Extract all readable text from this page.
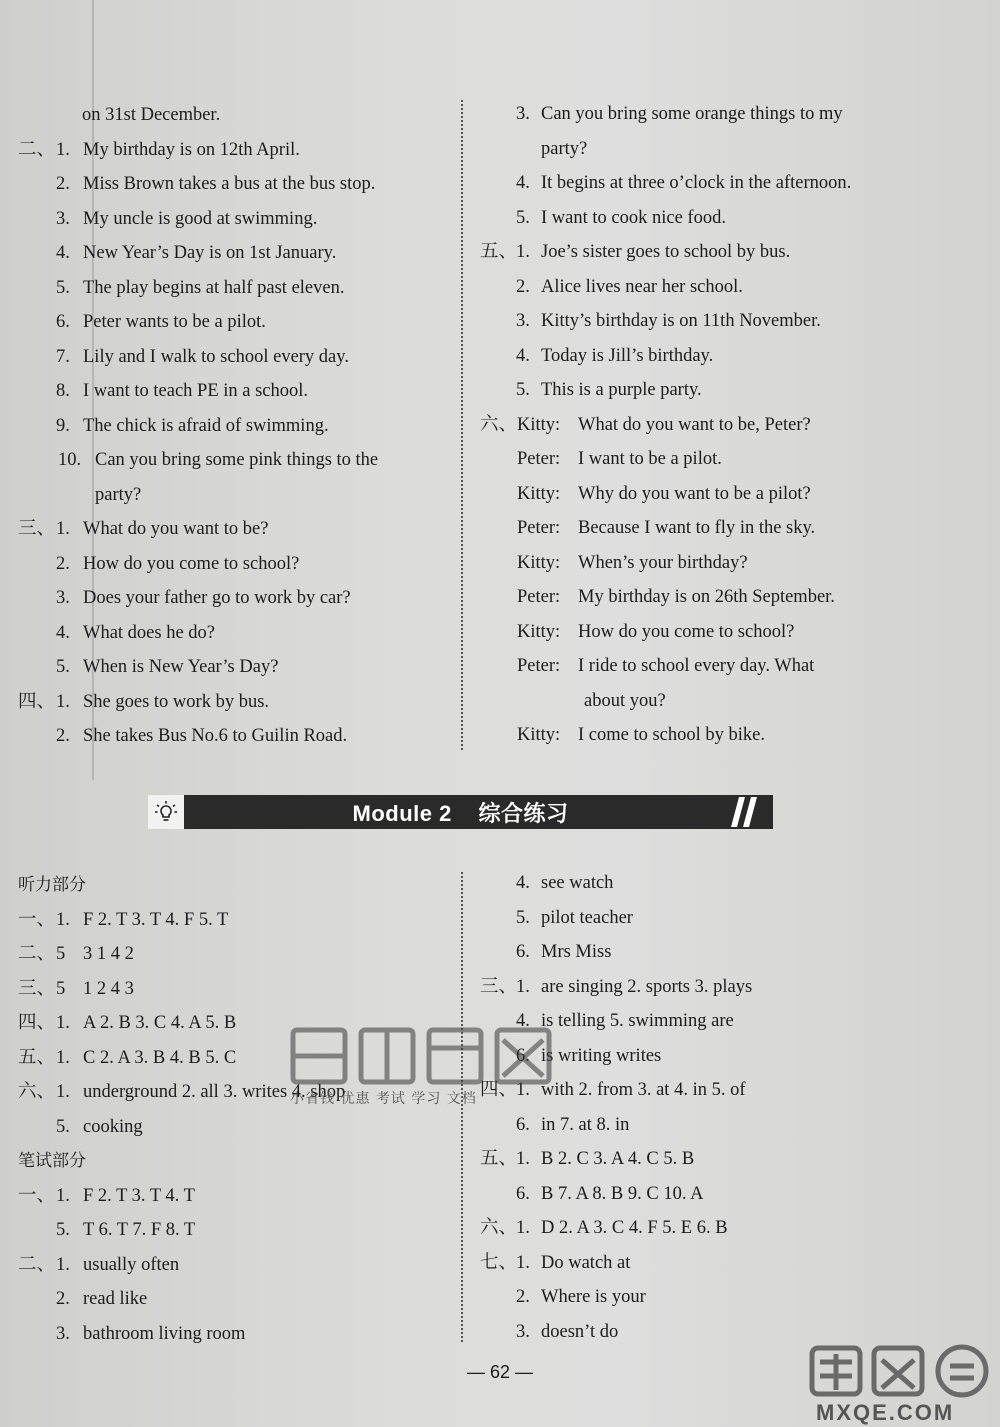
on 31st December.
二、 1. My birthday is on 12th April.
2. Miss Brown takes a bus at the bus stop.
3. My uncle is good at swimming.
4. New Year’s Day is on 1st January.
5. The play begins at half past eleven.
6. Peter wants to be a pilot.
7. Lily and I walk to school every day.
8. I want to teach PE in a school.
9. The chick is afraid of swimming.
10. Can you bring some pink things to the
party?
三、 1. What do you want to be?
2. How do you come to school?
3. Does your father go to work by car?
4. What does he do?
5. When is New Year’s Day?
四、 1. She goes to work by bus.
2. She takes Bus No.6 to Guilin Road.
3. Can you bring some orange things to my
party?
4. It begins at three o’clock in the afternoon.
5. I want to cook nice food.
五、
1. Joe’s sister goes to school by bus.
2. Alice lives near her school.
3. Kitty’s birthday is on 11th November.
4. Today is Jill’s birthday.
5. This is a purple party.
六、 Kitty: What do you want to be, Peter?
Peter: I want to be a pilot.
Kitty: Why do you want to be a pilot?
Peter: Because I want to fly in the sky.
Kitty: When’s your birthday?
Peter: My birthday is on 26th September.
Kitty: How do you come to school?
Peter: I ride to school every day. What
about you?
Kitty: I come to school by bike.
Module 2 综合练习
听力部分
一、 1. F 2. T 3. T 4. F 5. T
二、 5 3 1 4 2
三、 5 1 2 4 3
四、 1. A 2. B 3. C 4. A 5. B
五、 1. C 2. A 3. B 4. B 5. C
六、 1. underground 2. all 3. writes 4. shop
5. cooking
笔试部分
一、 1. F 2. T 3. T 4. T
5. T 6. T 7. F 8. T
二、 1. usually often
2. read like
3. bathroom living room
4. see watch
5. pilot teacher
6. Mrs Miss
三、
1. are singing 2. sports 3. plays
4. is telling 5. swimming are
6. is writing writes
四、
1. with 2. from 3. at 4. in 5. of
6. in 7. at 8. in
五、
1. B 2. C 3. A 4. C 5. B
6. B 7. A 8. B 9. C 10. A
六、
1. D 2. A 3. C 4. F 5. E 6. B
七、
1. Do watch at
2. Where is your
3. doesn’t do
小省钱 优惠 考试 学习 文档
— 62 —
MXQE.COM
